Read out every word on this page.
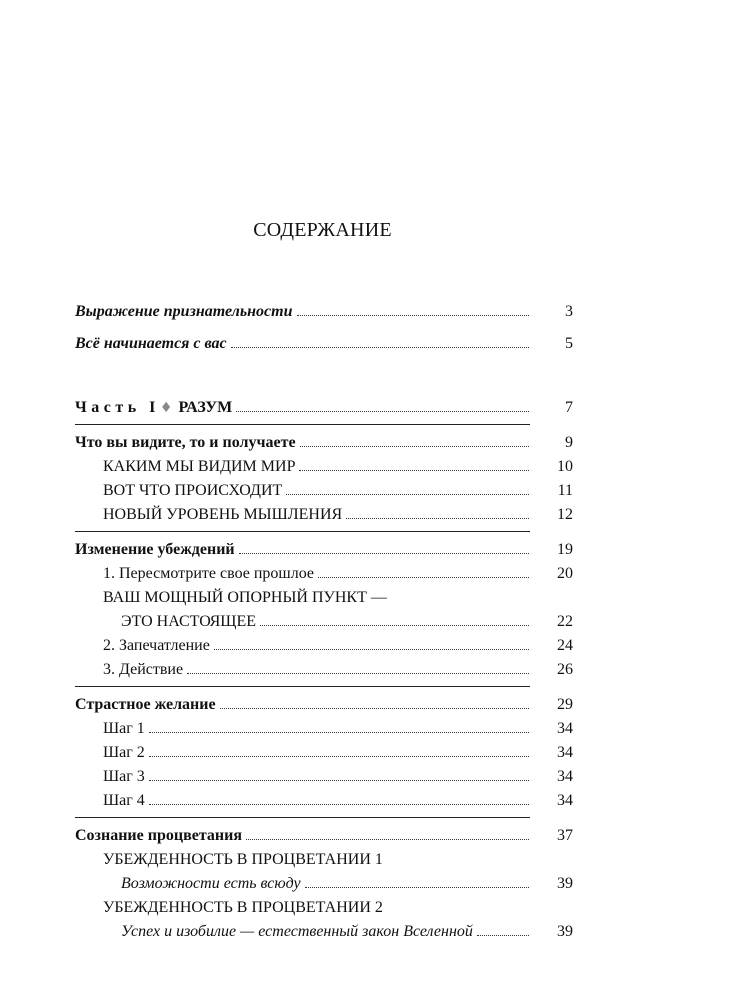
СОДЕРЖАНИЕ
Выражение признательности	3
Всё начинается с вас	5
Часть I ♦ РАЗУМ	7
Что вы видите, то и получаете	9
КАКИМ МЫ ВИДИМ МИР	10
ВОТ ЧТО ПРОИСХОДИТ	11
НОВЫЙ УРОВЕНЬ МЫШЛЕНИЯ	12
Изменение убеждений	19
1. Пересмотрите свое прошлое	20
ВАШ МОЩНЫЙ ОПОРНЫЙ ПУНКТ —
ЭТО НАСТОЯЩЕЕ	22
2. Запечатление	24
3. Действие	26
Страстное желание	29
Шаг 1	34
Шаг 2	34
Шаг 3	34
Шаг 4	34
Сознание процветания	37
УБЕЖДЕННОСТЬ В ПРОЦВЕТАНИИ 1
Возможности есть всюду	39
УБЕЖДЕННОСТЬ В ПРОЦВЕТАНИИ 2
Успех и изобилие — естественный закон Вселенной	39
